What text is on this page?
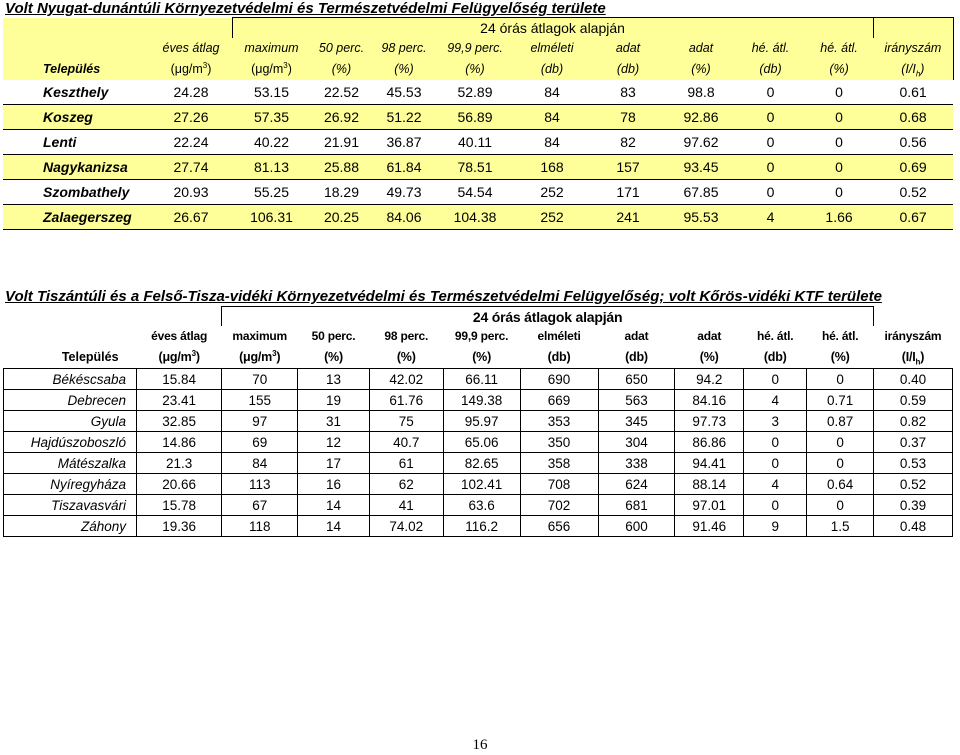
Volt Nyugat-dunántúli Környezetvédelmi és Természetvédelmi Felügyelőség területe
		24 órás átlagok alapján									
	éves átlag	maximum	50 perc.	98 perc.	99,9 perc.	elméleti	adat	adat	hé. átl.	hé. átl.	irányszám
Település	$(\mu g/m^3)$	$(\mu g/m^3)$	(%)	(%)	(%)	(db)	(db)	(%)	(db)	(%)	$(I/I_h)$
Keszthely	24.28	53.15	22.52	45.53	52.89	84	83	98.8	0	0	0.61
Koszeg	27.26	57.35	26.92	51.22	56.89	84	78	92.86	0	0	0.68
Lenti	22.24	40.22	21.91	36.87	40.11	84	82	97.62	0	0	0.56
Nagykanizsa	27.74	81.13	25.88	61.84	78.51	168	157	93.45	0	0	0.69
Szombathely	20.93	55.25	18.29	49.73	54.54	252	171	67.85	0	0	0.52
Zalaegerszeg	26.67	106.31	20.25	84.06	104.38	252	241	95.53	4	1.66	0.67
Volt Tiszántúli és a Felső-Tisza-vidéki Környezetvédelmi és Természetvédelmi Felügyelőség; volt Kőrös-vidéki KTF területe
		24 órás átlagok alapján									
	éves átlag	maximum	50 perc.	98 perc.	99,9 perc.	elméleti	adat	adat	hé. átl.	hé. átl.	irányszám
Település	$(\mu g/m^3)$	$(\mu g/m^3)$	(%)	(%)	(%)	(db)	(db)	(%)	(db)	(%)	$(I/I_h)$
Békéscsaba	15.84	70	13	42.02	66.11	690	650	94.2	0	0	0.40
Debrecen	23.41	155	19	61.76	149.38	669	563	84.16	4	0.71	0.59
Gyula	32.85	97	31	75	95.97	353	345	97.73	3	0.87	0.82
Hajdúszoboszló	14.86	69	12	40.7	65.06	350	304	86.86	0	0	0.37
Mátészalka	21.3	84	17	61	82.65	358	338	94.41	0	0	0.53
Nyíregyháza	20.66	113	16	62	102.41	708	624	88.14	4	0.64	0.52
Tiszavasvári	15.78	67	14	41	63.6	702	681	97.01	0	0	0.39
Záhony	19.36	118	14	74.02	116.2	656	600	91.46	9	1.5	0.48
16
